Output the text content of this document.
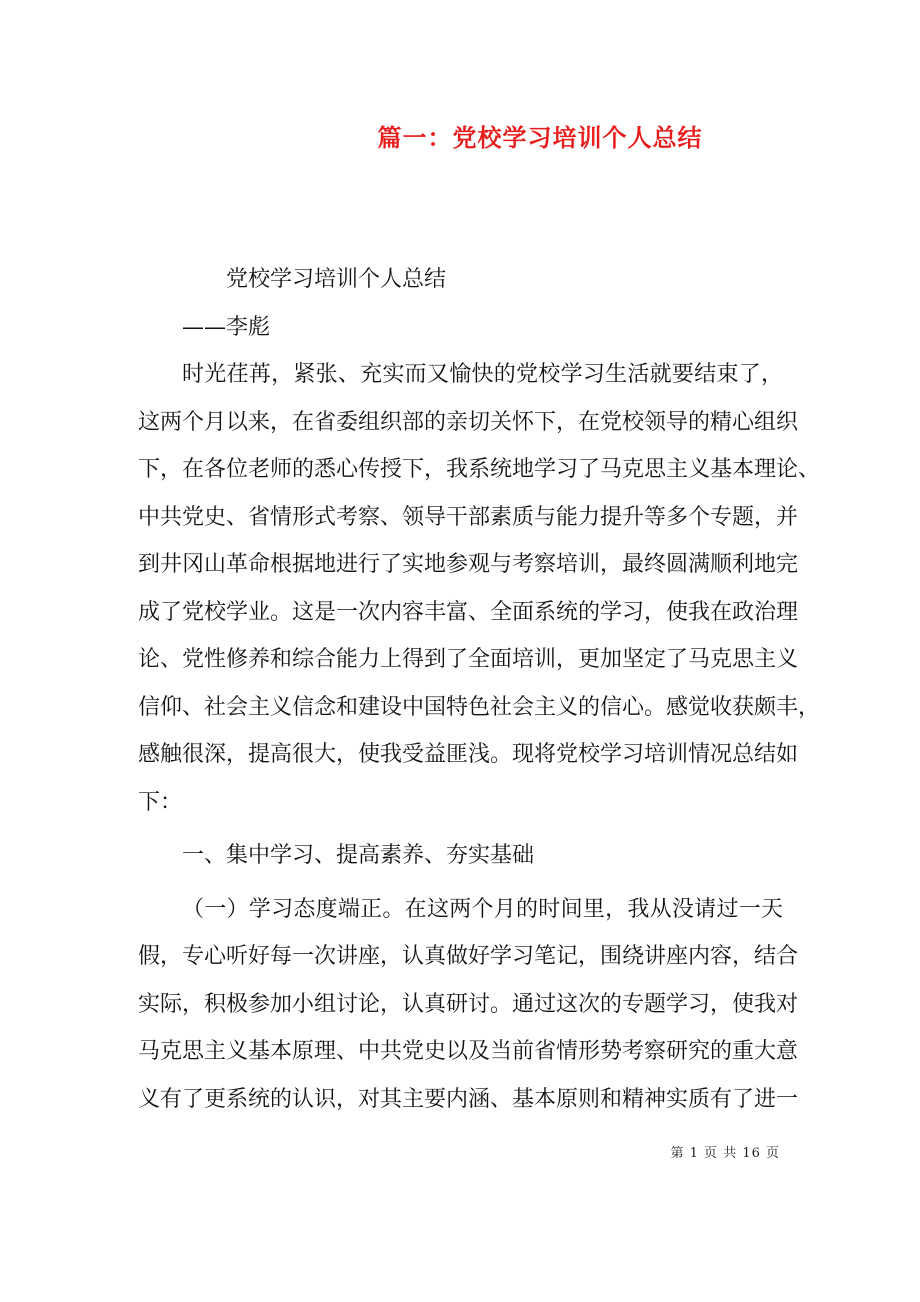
篇一：党校学习培训个人总结
党校学习培训个人总结
——李彪
时光荏苒，紧张、充实而又愉快的党校学习生活就要结束了，
这两个月以来，在省委组织部的亲切关怀下，在党校领导的精心组织
下，在各位老师的悉心传授下，我系统地学习了马克思主义基本理论、
中共党史、省情形式考察、领导干部素质与能力提升等多个专题，并
到井冈山革命根据地进行了实地参观与考察培训，最终圆满顺利地完
成了党校学业。这是一次内容丰富、全面系统的学习，使我在政治理
论、党性修养和综合能力上得到了全面培训，更加坚定了马克思主义
信仰、社会主义信念和建设中国特色社会主义的信心。感觉收获颇丰，
感触很深，提高很大，使我受益匪浅。现将党校学习培训情况总结如
下：
一、集中学习、提高素养、夯实基础
（一）学习态度端正。在这两个月的时间里，我从没请过一天
假，专心听好每一次讲座，认真做好学习笔记，围绕讲座内容，结合
实际，积极参加小组讨论，认真研讨。通过这次的专题学习，使我对
马克思主义基本原理、中共党史以及当前省情形势考察研究的重大意
义有了更系统的认识，对其主要内涵、基本原则和精神实质有了进一
第 1 页 共 16 页
